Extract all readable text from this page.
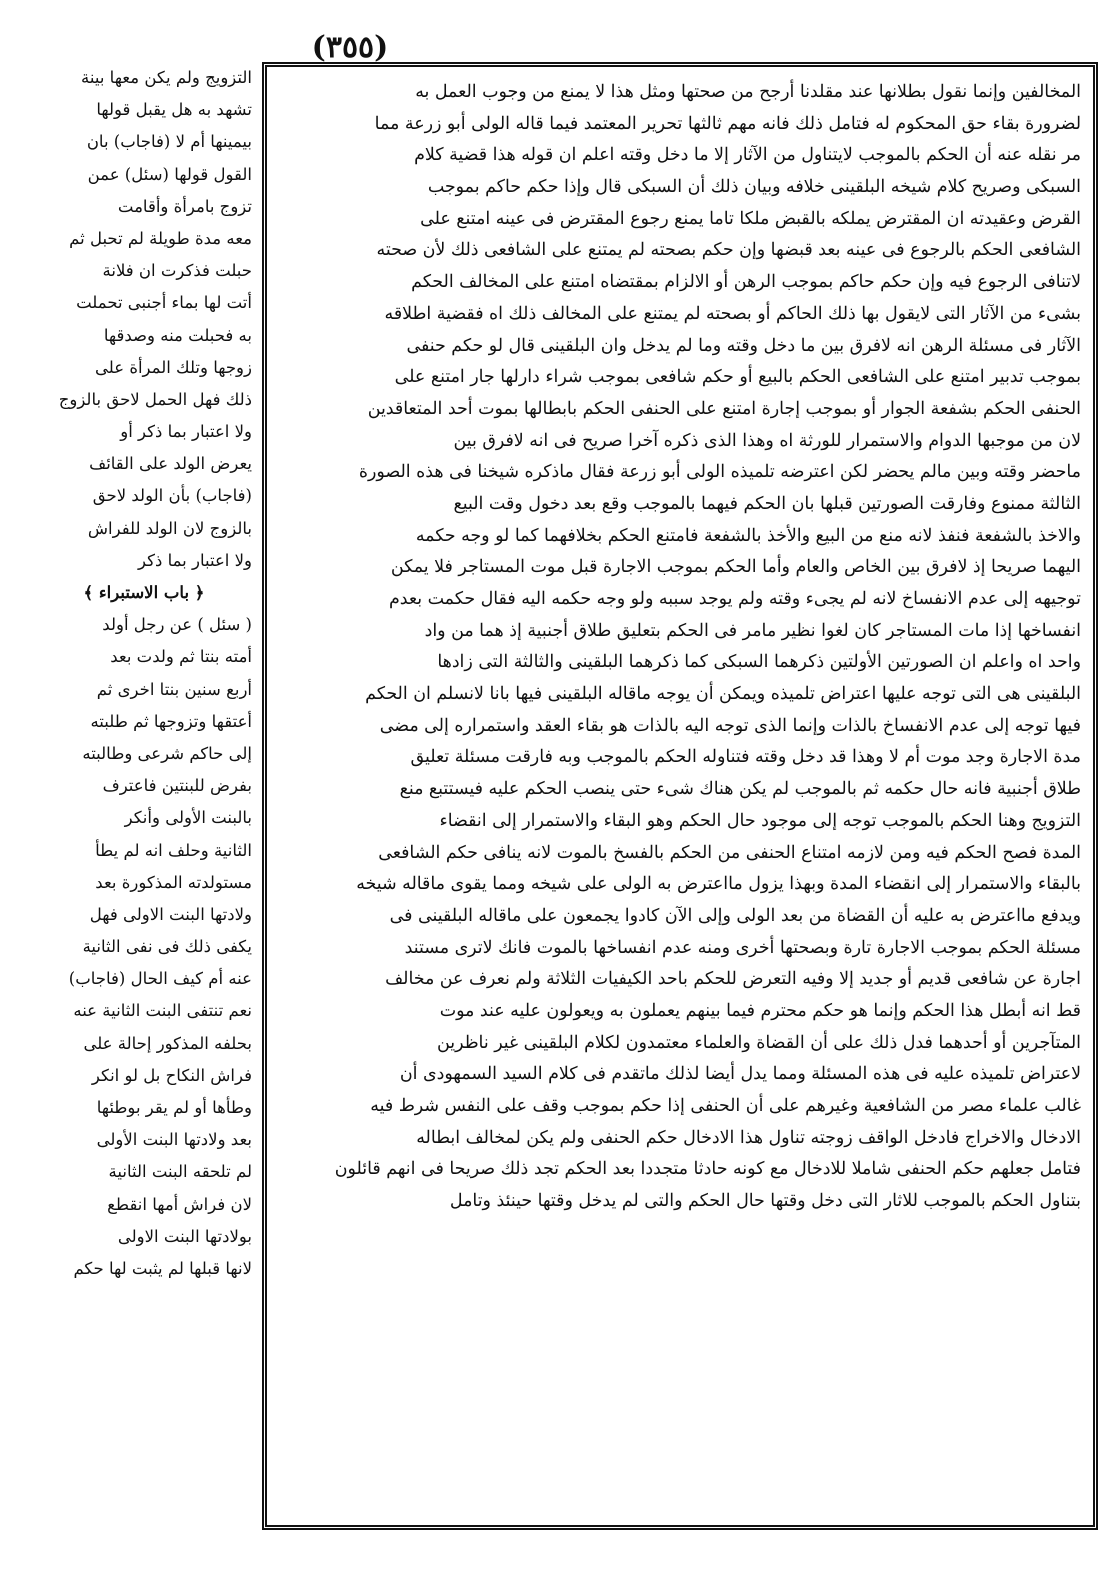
(٣٥٥)
التزويج ولم يكن معها بينة
تشهد به هل يقبل قولها
بيمينها أم لا (فاجاب) بان
القول قولها (سئل) عمن
تزوج بامرأة وأقامت
معه مدة طويلة لم تحبل ثم
حبلت فذكرت ان فلانة
أتت لها بماء أجنبى تحملت
به فحبلت منه وصدقها
زوجها وتلك المرأة على
ذلك فهل الحمل لاحق بالزوج
ولا اعتبار بما ذكر أو
يعرض الولد على القائف
(فاجاب) بأن الولد لاحق
بالزوج لان الولد للفراش
ولا اعتبار بما ذكر
﴿ باب الاستبراء ﴾
( سئل ) عن رجل أولد
أمته بنتا ثم ولدت بعد
أربع سنين بنتا اخرى ثم
أعتقها وتزوجها ثم طلبته
إلى حاكم شرعى وطالبته
بفرض للبنتين فاعترف
بالبنت الأولى وأنكر
الثانية وحلف انه لم يطأ
مستولدته المذكورة بعد
ولادتها البنت الاولى فهل
يكفى ذلك فى نفى الثانية
عنه أم كيف الحال (فاجاب)
نعم تنتفى البنت الثانية عنه
بحلفه المذكور إحالة على
فراش النكاح بل لو انكر
وطأها أو لم يقر بوطئها
بعد ولادتها البنت الأولى
لم تلحقه البنت الثانية
لان فراش أمها انقطع
بولادتها البنت الاولى
لانها قبلها لم يثبت لها حكم
المخالفين وإنما نقول بطلانها عند مقلدنا أرجح من صحتها ومثل هذا لا يمنع من وجوب العمل به
لضرورة بقاء حق المحكوم له فتامل ذلك فانه مهم ثالثها تحرير المعتمد فيما قاله الولى أبو زرعة مما
مر نقله عنه أن الحكم بالموجب لايتناول من الآثار إلا ما دخل وقته اعلم ان قوله هذا قضية كلام
السبكى وصريح كلام شيخه البلقينى خلافه وبيان ذلك أن السبكى قال وإذا حكم حاكم بموجب
القرض وعقيدته ان المقترض يملكه بالقبض ملكا تاما يمنع رجوع المقترض فى عينه امتنع على
الشافعى الحكم بالرجوع فى عينه بعد قبضها وإن حكم بصحته لم يمتنع على الشافعى ذلك لأن صحته
لاتنافى الرجوع فيه وإن حكم حاكم بموجب الرهن أو الالزام بمقتضاه امتنع على المخالف الحكم
بشىء من الآثار التى لايقول بها ذلك الحاكم أو بصحته لم يمتنع على المخالف ذلك اه فقضية اطلاقه
الآثار فى مسئلة الرهن انه لافرق بين ما دخل وقته وما لم يدخل وان البلقينى قال لو حكم حنفى
بموجب تدبير امتنع على الشافعى الحكم بالبيع أو حكم شافعى بموجب شراء دارلها جار امتنع على
الحنفى الحكم بشفعة الجوار أو بموجب إجارة امتنع على الحنفى الحكم بابطالها بموت أحد المتعاقدين
لان من موجبها الدوام والاستمرار للورثة اه وهذا الذى ذكره آخرا صريح فى انه لافرق بين
ماحضر وقته وبين مالم يحضر لكن اعترضه تلميذه الولى أبو زرعة فقال ماذكره شيخنا فى هذه الصورة
الثالثة ممنوع وفارقت الصورتين قبلها بان الحكم فيهما بالموجب وقع بعد دخول وقت البيع
والاخذ بالشفعة فنفذ لانه منع من البيع والأخذ بالشفعة فامتنع الحكم بخلافهما كما لو وجه حكمه
اليهما صريحا إذ لافرق بين الخاص والعام وأما الحكم بموجب الاجارة قبل موت المستاجر فلا يمكن
توجيهه إلى عدم الانفساخ لانه لم يجىء وقته ولم يوجد سببه ولو وجه حكمه اليه فقال حكمت بعدم
انفساخها إذا مات المستاجر كان لغوا نظير مامر فى الحكم بتعليق طلاق أجنبية إذ هما من واد
واحد اه واعلم ان الصورتين الأولتين ذكرهما السبكى كما ذكرهما البلقينى والثالثة التى زادها
البلقينى هى التى توجه عليها اعتراض تلميذه ويمكن أن يوجه ماقاله البلقينى فيها بانا لانسلم ان الحكم
فيها توجه إلى عدم الانفساخ بالذات وإنما الذى توجه اليه بالذات هو بقاء العقد واستمراره إلى مضى
مدة الاجارة وجد موت أم لا وهذا قد دخل وقته فتناوله الحكم بالموجب وبه فارقت مسئلة تعليق
طلاق أجنبية فانه حال حكمه ثم بالموجب لم يكن هناك شىء حتى ينصب الحكم عليه فيستتبع منع
التزويج وهنا الحكم بالموجب توجه إلى موجود حال الحكم وهو البقاء والاستمرار إلى انقضاء
المدة فصح الحكم فيه ومن لازمه امتناع الحنفى من الحكم بالفسخ بالموت لانه ينافى حكم الشافعى
بالبقاء والاستمرار إلى انقضاء المدة وبهذا يزول مااعترض به الولى على شيخه ومما يقوى ماقاله شيخه
ويدفع مااعترض به عليه أن القضاة من بعد الولى وإلى الآن كادوا يجمعون على ماقاله البلقينى فى
مسئلة الحكم بموجب الاجارة تارة وبصحتها أخرى ومنه عدم انفساخها بالموت فانك لاترى مستند
اجارة عن شافعى قديم أو جديد إلا وفيه التعرض للحكم باحد الكيفيات الثلاثة ولم نعرف عن مخالف
قط انه أبطل هذا الحكم وإنما هو حكم محترم فيما بينهم يعملون به ويعولون عليه عند موت
المتآجرين أو أحدهما فدل ذلك على أن القضاة والعلماء معتمدون لكلام البلقينى غير ناظرين
لاعتراض تلميذه عليه فى هذه المسئلة ومما يدل أيضا لذلك ماتقدم فى كلام السيد السمهودى أن
غالب علماء مصر من الشافعية وغيرهم على أن الحنفى إذا حكم بموجب وقف على النفس شرط فيه
الادخال والاخراج فادخل الواقف زوجته تناول هذا الادخال حكم الحنفى ولم يكن لمخالف ابطاله
فتامل جعلهم حكم الحنفى شاملا للادخال مع كونه حادثا متجددا بعد الحكم تجد ذلك صريحا فى انهم قائلون
بتناول الحكم بالموجب للاثار التى دخل وقتها حال الحكم والتى لم يدخل وقتها حينئذ وتامل
